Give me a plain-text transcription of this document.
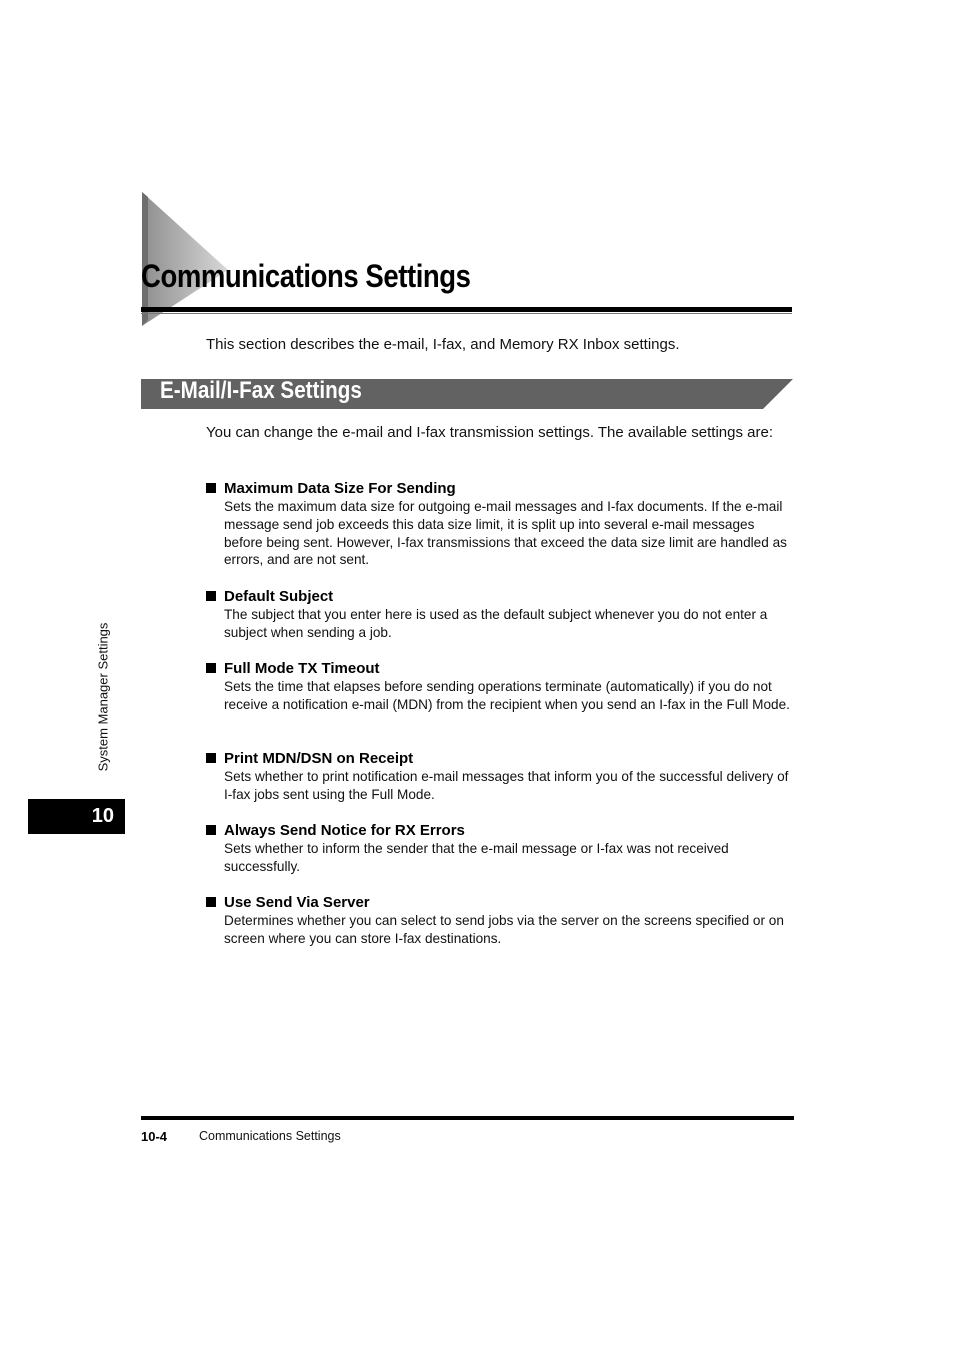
Communications Settings

This section describes the e-mail, I-fax, and Memory RX Inbox settings.

E-Mail/I-Fax Settings

You can change the e-mail and I-fax transmission settings. The available settings are:

Maximum Data Size For Sending

Sets the maximum data size for outgoing e-mail messages and I-fax documents. If the e-mail message send job exceeds this data size limit, it is split up into several e-mail messages before being sent. However, I-fax transmissions that exceed the data size limit are handled as errors, and are not sent.

Default Subject

The subject that you enter here is used as the default subject whenever you do not enter a subject when sending a job.

Full Mode TX Timeout

Sets the time that elapses before sending operations terminate (automatically) if you do not receive a notification e-mail (MDN) from the recipient when you send an I-fax in the Full Mode.

Print MDN/DSN on Receipt

Sets whether to print notification e-mail messages that inform you of the successful delivery of I-fax jobs sent using the Full Mode.

Always Send Notice for RX Errors

Sets whether to inform the sender that the e-mail message or I-fax was not received successfully.

Use Send Via Server

Determines whether you can select to send jobs via the server on the screens specified or on screen where you can store I-fax destinations.

System Manager Settings
10
10-4	Communications Settings
